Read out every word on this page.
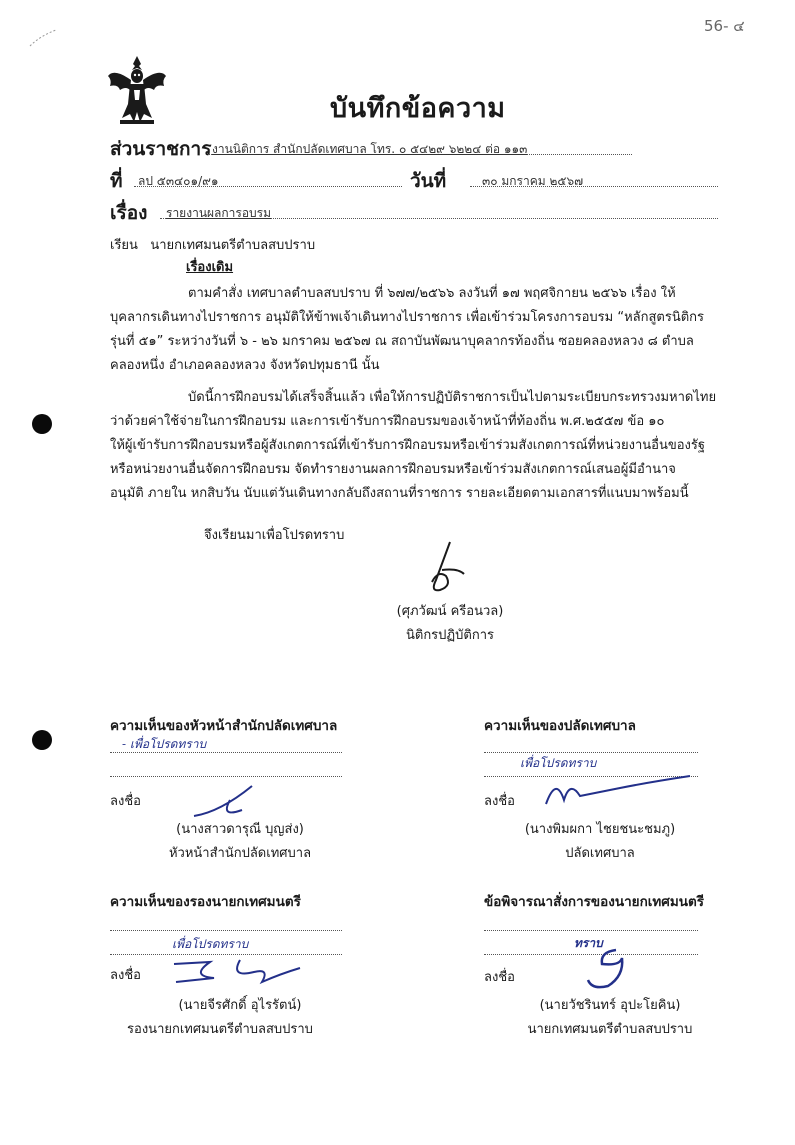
56- ๔
บันทึกข้อความ
ส่วนราชการ งานนิติการ สำนักปลัดเทศบาล โทร. ๐ ๕๔๒๙ ๖๒๒๔ ต่อ ๑๑๓
ที่ ลป ๕๓๔๐๑/๙๑	วันที่	๓๐ มกราคม ๒๕๖๗
เรื่อง รายงานผลการอบรม
เรียน   นายกเทศมนตรีตำบลสบปราบ
เรื่องเดิม
ตามคำสั่ง เทศบาลตำบลสบปราบ ที่ ๖๗๗/๒๕๖๖ ลงวันที่ ๑๗ พฤศจิกายน ๒๕๖๖ เรื่อง ให้
บุคลากรเดินทางไปราชการ อนุมัติให้ข้าพเจ้าเดินทางไปราชการ เพื่อเข้าร่วมโครงการอบรม “หลักสูตรนิติกร
รุ่นที่ ๕๑” ระหว่างวันที่ ๖ - ๒๖ มกราคม ๒๕๖๗ ณ สถาบันพัฒนาบุคลากรท้องถิ่น ซอยคลองหลวง ๘ ตำบล
คลองหนึ่ง อำเภอคลองหลวง จังหวัดปทุมธานี นั้น
บัดนี้การฝึกอบรมได้เสร็จสิ้นแล้ว เพื่อให้การปฏิบัติราชการเป็นไปตามระเบียบกระทรวงมหาดไทย
ว่าด้วยค่าใช้จ่ายในการฝึกอบรม และการเข้ารับการฝึกอบรมของเจ้าหน้าที่ท้องถิ่น พ.ศ.๒๕๕๗ ข้อ ๑๐
ให้ผู้เข้ารับการฝึกอบรมหรือผู้สังเกตการณ์ที่เข้ารับการฝึกอบรมหรือเข้าร่วมสังเกตการณ์ที่หน่วยงานอื่นของรัฐ
หรือหน่วยงานอื่นจัดการฝึกอบรม จัดทำรายงานผลการฝึกอบรมหรือเข้าร่วมสังเกตการณ์เสนอผู้มีอำนาจ
อนุมัติ ภายใน หกสิบวัน นับแต่วันเดินทางกลับถึงสถานที่ราชการ รายละเอียดตามเอกสารที่แนบมาพร้อมนี้
จึงเรียนมาเพื่อโปรดทราบ
(ศุภวัฒน์ ครีอนวล)
นิติกรปฏิบัติการ
ความเห็นของหัวหน้าสำนักปลัดเทศบาล
- เพื่อโปรดทราบ
ลงชื่อ
(นางสาวดารุณี บุญส่ง)
หัวหน้าสำนักปลัดเทศบาล
ความเห็นของปลัดเทศบาล
เพื่อโปรดทราบ
ลงชื่อ
(นางพิมผกา ไชยชนะชมภู)
ปลัดเทศบาล
ความเห็นของรองนายกเทศมนตรี
เพื่อโปรดทราบ
ลงชื่อ
(นายจีรศักดิ์ อุไรรัตน์)
รองนายกเทศมนตรีตำบลสบปราบ
ข้อพิจารณาสั่งการของนายกเทศมนตรี
ทราบ
ลงชื่อ
(นายวัชรินทร์ อุปะโยคิน)
นายกเทศมนตรีตำบลสบปราบ
